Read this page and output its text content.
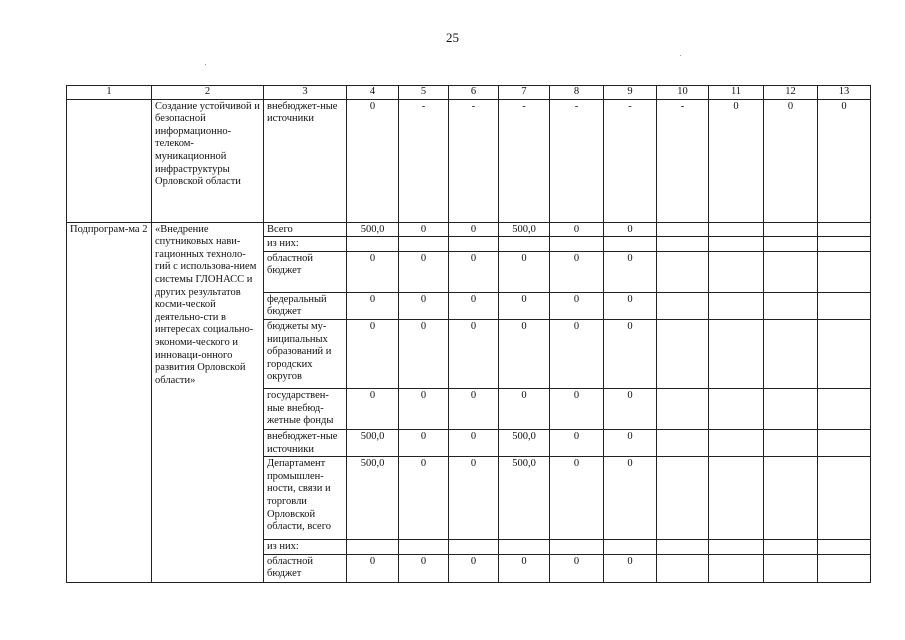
25
1	2	3	4	5	6	7	8	9	10	11	12	13
	Создание устойчивой и безопасной информационно-телеком-муникационной инфраструктуры Орловской области	внебюджет-ные источники	0	-	-	-	-	-	-	0	0	0
Подпрограм-ма 2	«Внедрение спутниковых нави-гационных техноло-гий с использова-нием системы ГЛОНАСС и других результатов косми-ческой деятельно-сти в интересах социально-экономи-ческого и инноваци-онного развития Орловской области»	Всего	500,0	0	0	500,0	0	0				
		из них:										
		областной бюджет	0	0	0	0	0	0				
		федеральный бюджет	0	0	0	0	0	0				
		бюджеты му-ниципальных образований и городских округов	0	0	0	0	0	0				
		государствен-ные внебюд-жетные фонды	0	0	0	0	0	0				
		внебюджет-ные источники	500,0	0	0	500,0	0	0				
		Департамент промышлен-ности, связи и торговли Орловской области, всего	500,0	0	0	500,0	0	0				
		из них:										
		областной бюджет	0	0	0	0	0	0				
